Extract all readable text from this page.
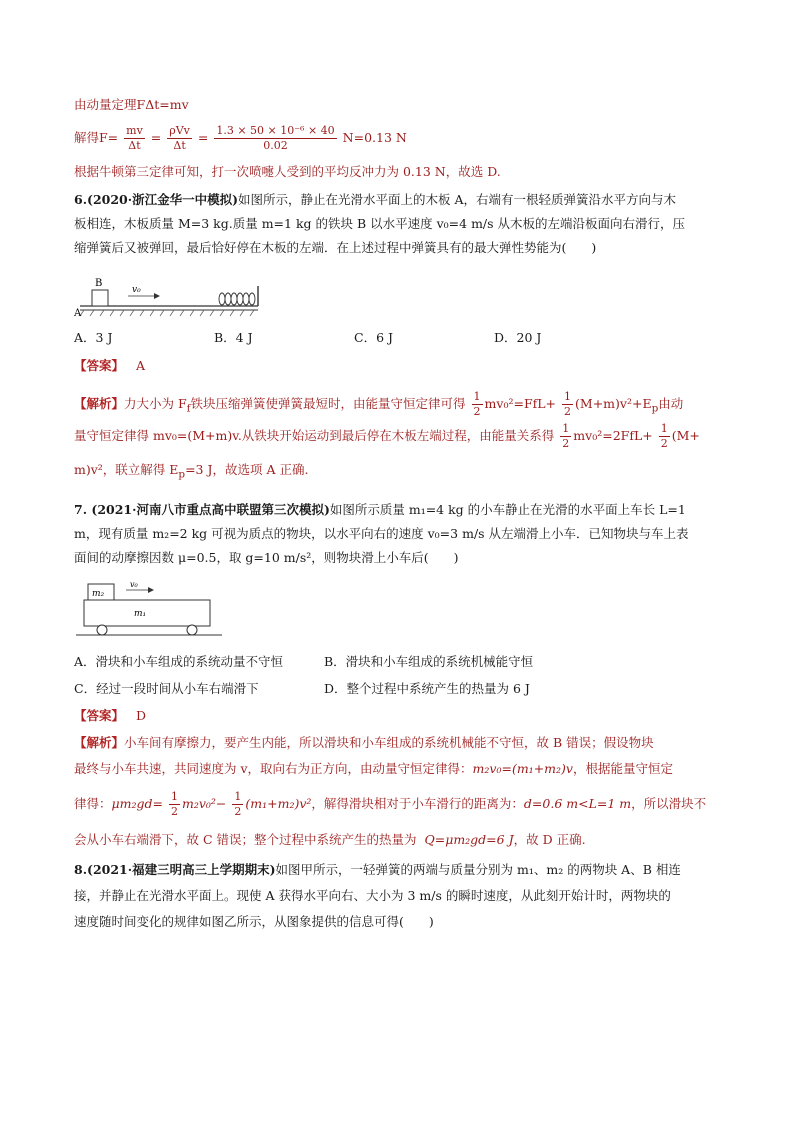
由动量定理FΔt=mv
解得$F= \frac{mv}{\Delta t} = \frac{\text{ρVv}}{\Delta t} = \frac{\text{1.3 × 50 × 10⁻⁶ × 40}}{0.02} N=0.13$ N
根据牛顿第三定律可知，打一次喷嚏人受到的平均反冲力为 0.13 N，故选 D.
6.(2020·浙江金华一中模拟)如图所示，静止在光滑水平面上的木板 A，右端有一根轻质弹簧沿水平方向与木
板相连，木板质量 M=3 kg.质量 m=1 kg 的铁块 B 以水平速度 v₀=4 m/s 从木板的左端沿板面向右滑行，压
缩弹簧后又被弹回，最后恰好停在木板的左端．在上述过程中弹簧具有的最大弹性势能为(　　)
B
A
v₀
A．3 J	B．4 J	C．6 J	D．20 J
【答案】 A
【解析】力大小为 $F_f$铁块压缩弹簧使弹簧最短时，由能量守恒定律可得 $\frac{1}{2} mv_0^2=FfL+ \frac{1}{2} (M+m)v^2+E_p$由动
量守恒定律得 mv₀=(M+m)v.从铁块开始运动到最后停在木板左端过程，由能量关系得 $\frac{1}{2} mv_0^2=2FfL+ \frac{1}{2} (M+$
m)v²，联立解得 $E_p=3$ J，故选项 A 正确.
7. (2021·河南八市重点高中联盟第三次模拟)如图所示质量 m₁=4 kg 的小车静止在光滑的水平面上车长 L=1
m，现有质量 m₂=2 kg 可视为质点的物块，以水平向右的速度 v₀=3 m/s 从左端滑上小车．已知物块与车上表
面间的动摩擦因数 μ=0.5，取 g=10 m/s²，则物块滑上小车后(　　)
m₂
m₁
v₀
A．滑块和小车组成的系统动量不守恒	B．滑块和小车组成的系统机械能守恒
C．经过一段时间从小车右端滑下	D．整个过程中系统产生的热量为 6 J
【答案】 D
【解析】小车间有摩擦力，要产生内能，所以滑块和小车组成的系统机械能不守恒，故 B 错误；假设物块
最终与小车共速，共同速度为 v，取向右为正方向，由动量守恒定律得：m₂v₀=(m₁+m₂)v，根据能量守恒定
律得：$\mu m_2gd= \frac{1}{2} m_2v_0^2- \frac{1}{2} (m_1+m_2)v^2$，解得滑块相对于小车滑行的距离为：d=0.6 m<L=1 m，所以滑块不
会从小车右端滑下，故 C 错误；整个过程中系统产生的热量为 Q=μm₂gd=6 J，故 D 正确.
8.(2021·福建三明高三上学期期末)如图甲所示，一轻弹簧的两端与质量分别为 m₁、m₂ 的两物块 A、B 相连
接，并静止在光滑水平面上。现使 A 获得水平向右、大小为 3 m/s 的瞬时速度，从此刻开始计时，两物块的
速度随时间变化的规律如图乙所示，从图象提供的信息可得(　　)
